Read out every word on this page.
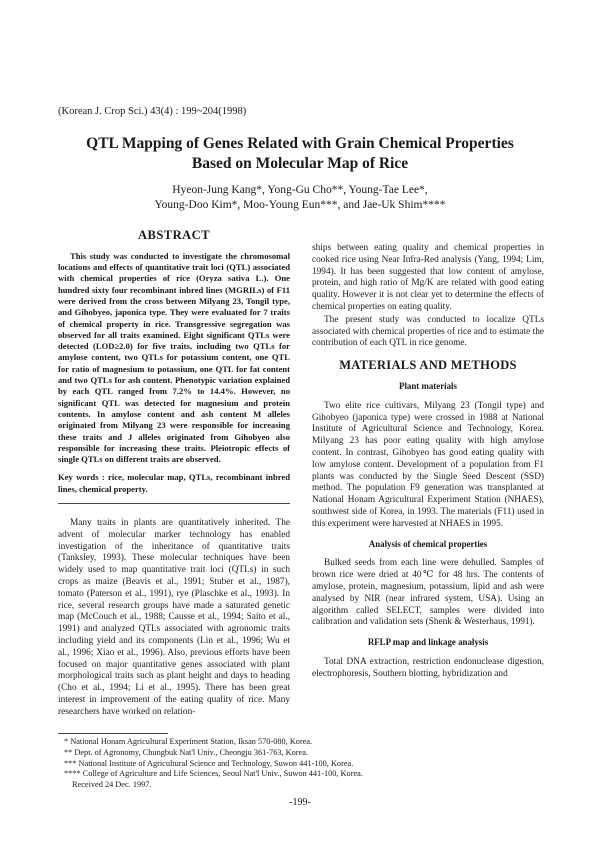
(Korean J. Crop Sci.) 43(4) : 199~204(1998)
QTL Mapping of Genes Related with Grain Chemical Properties
Based on Molecular Map of Rice
Hyeon-Jung Kang*, Yong-Gu Cho**, Young-Tae Lee*,
Young-Doo Kim*, Moo-Young Eun***, and Jae-Uk Shim****
ABSTRACT

This study was conducted to investigate the chromosomal locations and effects of quantitative trait loci (QTL) associated with chemical properties of rice (Oryza sativa L.). One hundred sixty four recombinant inbred lines (MGRILs) of F11 were derived from the cross between Milyang 23, Tongil type, and Gihobyeo, japonica type. They were evaluated for 7 traits of chemical property in rice. Transgressive segregation was observed for all traits examined. Eight significant QTLs were detected (LOD≥2.0) for five traits, including two QTLs for amylose content, two QTLs for potassium content, one QTL for ratio of magnesium to potassium, one QTL for fat content and two QTLs for ash content. Phenotypic variation explained by each QTL ranged from 7.2% to 14.4%. However, no significant QTL was detected for magnesium and protein contents. In amylose content and ash content M alleles originated from Milyang 23 were responsible for increasing these traits and J alleles originated from Gihobyeo also responsible for increasing these traits. Pleiotropic effects of single QTLs on different traits are observed.

Key words : rice, molecular map, QTLs, recombinant inbred lines, chemical property.

Many traits in plants are quantitatively inherited. The advent of molecular marker technology has enabled investigation of the inheritance of quantitative traits (Tanksley, 1993). These molecular techniques have been widely used to map quantitative trait loci (QTLs) in such crops as maize (Beavis et al., 1991; Stuber et al., 1987), tomato (Paterson et al., 1991), rye (Plaschke et al., 1993). In rice, several research groups have made a saturated genetic map (McCouch et al., 1988; Causse et al., 1994; Saito et al., 1991) and analyzed QTLs associated with agronomic traits including yield and its components (Lin et al., 1996; Wu et al., 1996; Xiao et al., 1996). Also, previous efforts have been focused on major quantitative genes associated with plant morphological traits such as plant height and days to heading (Cho et al., 1994; Li et al., 1995). There has been great interest in improvement of the eating quality of rice. Many researchers have worked on relation-

ships between eating quality and chemical properties in cooked rice using Near Infra-Red analysis (Yang, 1994; Lim, 1994). It has been suggested that low content of amylose, protein, and high ratio of Mg/K are related with good eating quality. However it is not clear yet to determine the effects of chemical properties on eating quality.

The present study was conducted to localize QTLs associated with chemical properties of rice and to estimate the contribution of each QTL in rice genome.

MATERIALS AND METHODS
Plant materials

Two elite rice cultivars, Milyang 23 (Tongil type) and Gihobyeo (japonica type) were crossed in 1988 at National Institute of Agricultural Science and Technology, Korea. Milyang 23 has poor eating quality with high amylose content. In contrast, Gihobyeo has good eating quality with low amylose content. Development of a population from F1 plants was conducted by the Single Seed Descent (SSD) method. The population F9 generation was transplanted at National Honam Agricultural Experiment Station (NHAES), southwest side of Korea, in 1993. The materials (F11) used in this experiment were harvested at NHAES in 1995.

Analysis of chemical properties

Bulked seeds from each line were dehulled. Samples of brown rice were dried at 40℃ for 48 hrs. The contents of amylose, protein, magnesium, potassium, lipid and ash were analysed by NIR (near infrared system, USA). Using an algorithm called SELECT, samples were divided into calibration and validation sets (Shenk & Westerhaus, 1991).

RFLP map and linkage analysis

Total DNA extraction, restriction endonuclease digestion, electrophoresis, Southern blotting, hybridization and

* National Honam Agricultural Experiment Station, Iksan 570-080, Korea.

** Dept. of Agronomy, Chungbuk Nat'l Univ., Cheongju 361-763, Korea.

*** National Institute of Agricultural Science and Technology, Suwon 441-100, Korea.

**** College of Agriculture and Life Sciences, Seoul Nat'l Univ., Suwon 441-100, Korea.

Received 24 Dec. 1997.

-199-
